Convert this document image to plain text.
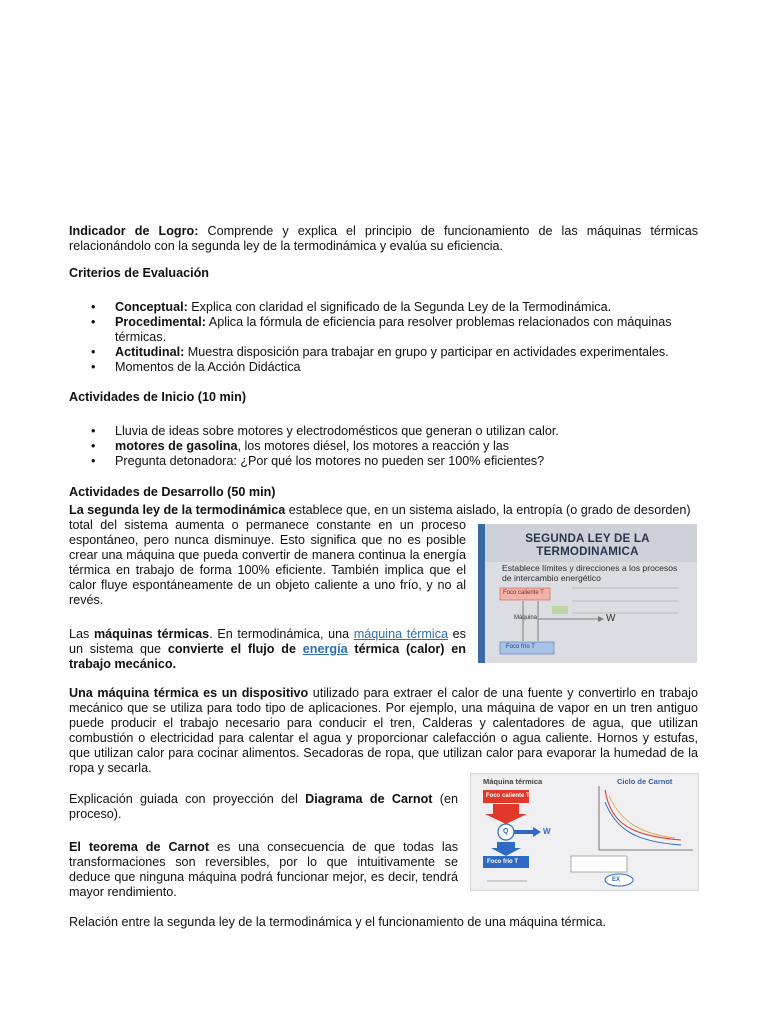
Indicador de Logro: Comprende y explica el principio de funcionamiento de las máquinas térmicas relacionándolo con la segunda ley de la termodinámica y evalúa su eficiencia.
Criterios de Evaluación
• Conceptual: Explica con claridad el significado de la Segunda Ley de la Termodinámica.
• Procedimental: Aplica la fórmula de eficiencia para resolver problemas relacionados con máquinas térmicas.
• Actitudinal: Muestra disposición para trabajar en grupo y participar en actividades experimentales.
• Momentos de la Acción Didáctica
Actividades de Inicio (10 min)
• Lluvia de ideas sobre motores y electrodomésticos que generan o utilizan calor.
• motores de gasolina, los motores diésel, los motores a reacción y las
• Pregunta detonadora: ¿Por qué los motores no pueden ser 100% eficientes?
Actividades de Desarrollo (50 min)
La segunda ley de la termodinámica establece que, en un sistema aislado, la entropía (o grado de desorden)
total del sistema aumenta o permanece constante en un proceso espontáneo, pero nunca disminuye. Esto significa que no es posible crear una máquina que pueda convertir de manera continua la energía térmica en trabajo de forma 100% eficiente. También implica que el calor fluye espontáneamente de un objeto caliente a uno frío, y no al revés.
Las máquinas térmicas. En termodinámica, una máquina térmica es un sistema que convierte el flujo de energía térmica (calor) en trabajo mecánico.
SEGUNDA LEY DE LA
TERMODINAMICA
Establece límites y direcciones a los procesos de intercambio energético
Foco caliente T
Foco frío T
Máquina	W
Una máquina térmica es un dispositivo utilizado para extraer el calor de una fuente y convertirlo en trabajo mecánico que se utiliza para todo tipo de aplicaciones. Por ejemplo, una máquina de vapor en un tren antiguo puede producir el trabajo necesario para conducir el tren, Calderas y calentadores de agua, que utilizan combustión o electricidad para calentar el agua y proporcionar calefacción o agua caliente. Hornos y estufas, que utilizan calor para cocinar alimentos. Secadoras de ropa, que utilizan calor para evaporar la humedad de la ropa y secarla.
Máquina térmica	Ciclo de Carnot
Foco caliente T
Foco frío T
Q	W
EX
Explicación guiada con proyección del Diagrama de Carnot (en proceso).
El teorema de Carnot es una consecuencia de que todas las transformaciones son reversibles, por lo que intuitivamente se deduce que ninguna máquina podrá funcionar mejor, es decir, tendrá mayor rendimiento.
Relación entre la segunda ley de la termodinámica y el funcionamiento de una máquina térmica.
